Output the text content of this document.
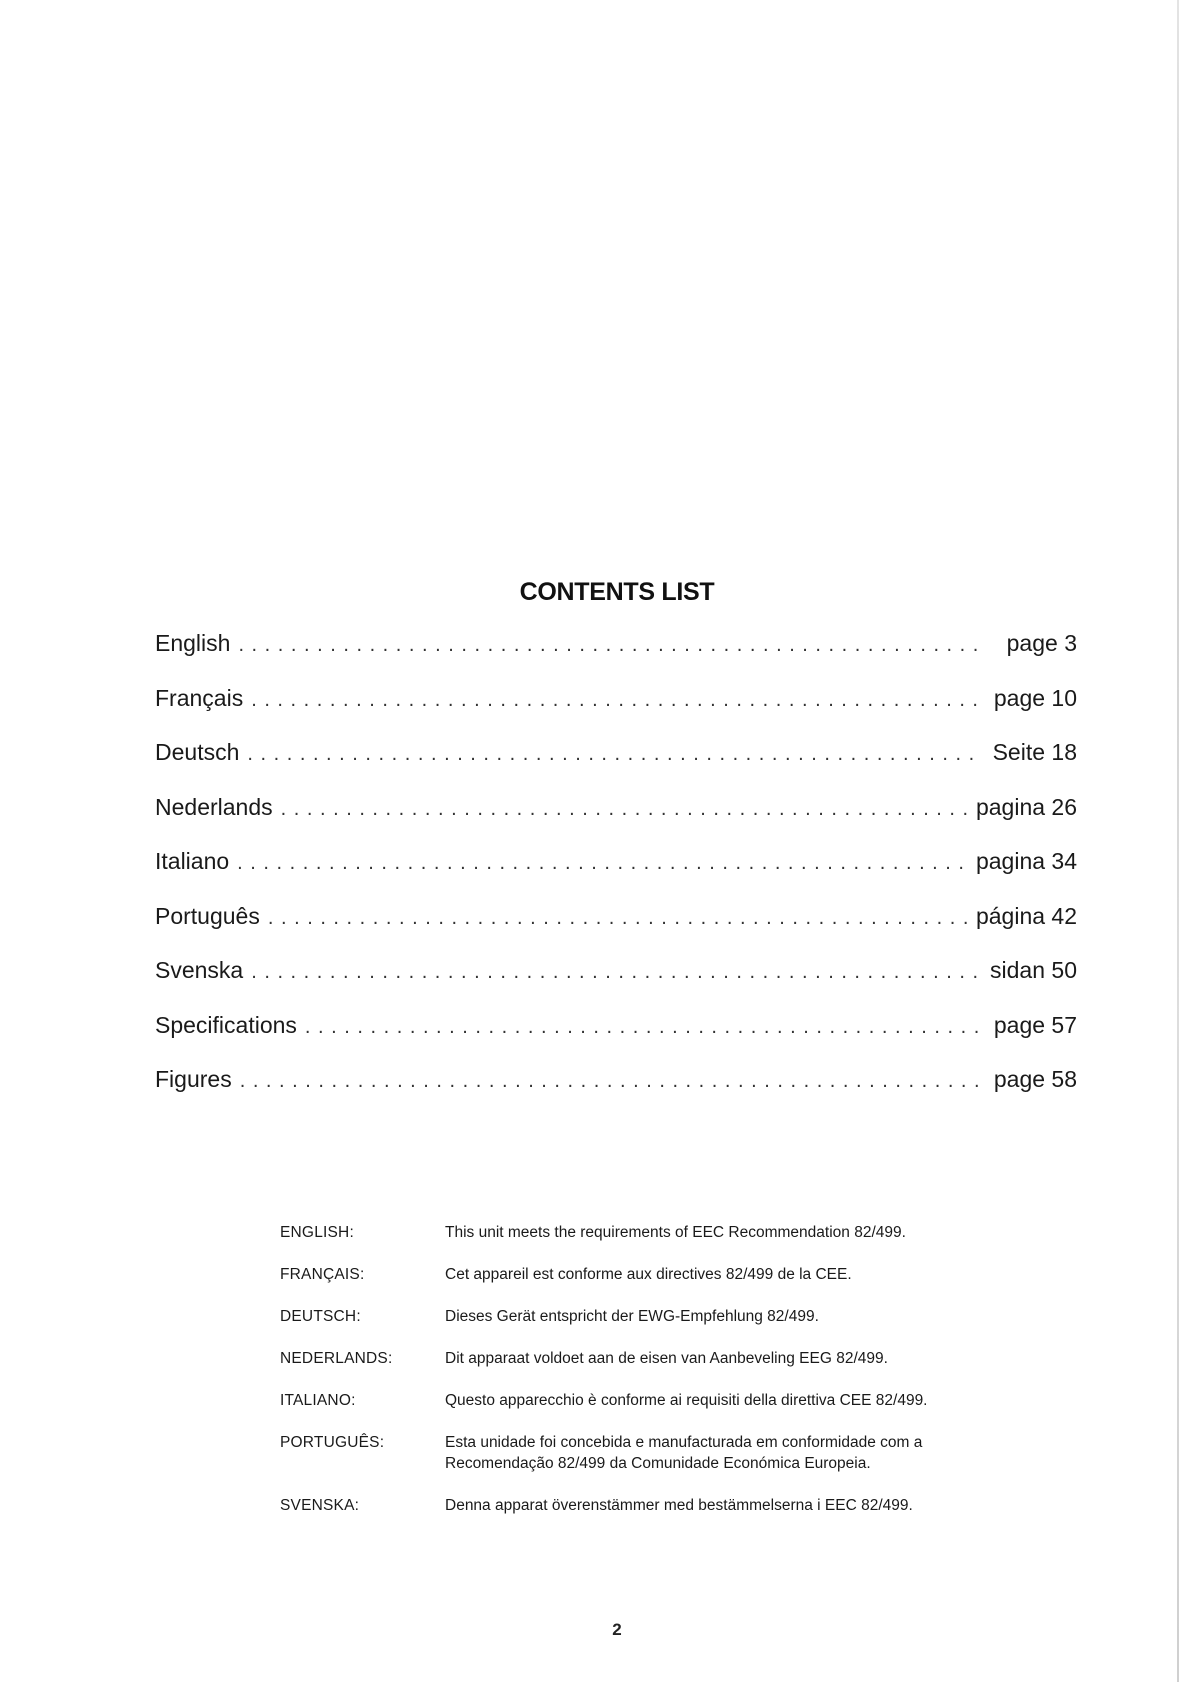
CONTENTS LIST
English . . .	page 3
Français . . .	page 10
Deutsch . . .	Seite 18
Nederlands . . .	pagina 26
Italiano . . .	pagina 34
Português . . .	página 42
Svenska . . .	sidan 50
Specifications . . .	page 57
Figures . . .	page 58
ENGLISH:	This unit meets the requirements of EEC Recommendation 82/499.
FRANÇAIS:	Cet appareil est conforme aux directives 82/499 de la CEE.
DEUTSCH:	Dieses Gerät entspricht der EWG-Empfehlung 82/499.
NEDERLANDS:	Dit apparaat voldoet aan de eisen van Aanbeveling EEG 82/499.
ITALIANO:	Questo apparecchio è conforme ai requisiti della direttiva CEE 82/499.
PORTUGUÊS:	Esta unidade foi concebida e manufacturada em conformidade com a
Recomendação 82/499 da Comunidade Económica Europeia.
SVENSKA:	Denna apparat överenstämmer med bestämmelserna i EEC 82/499.
2
